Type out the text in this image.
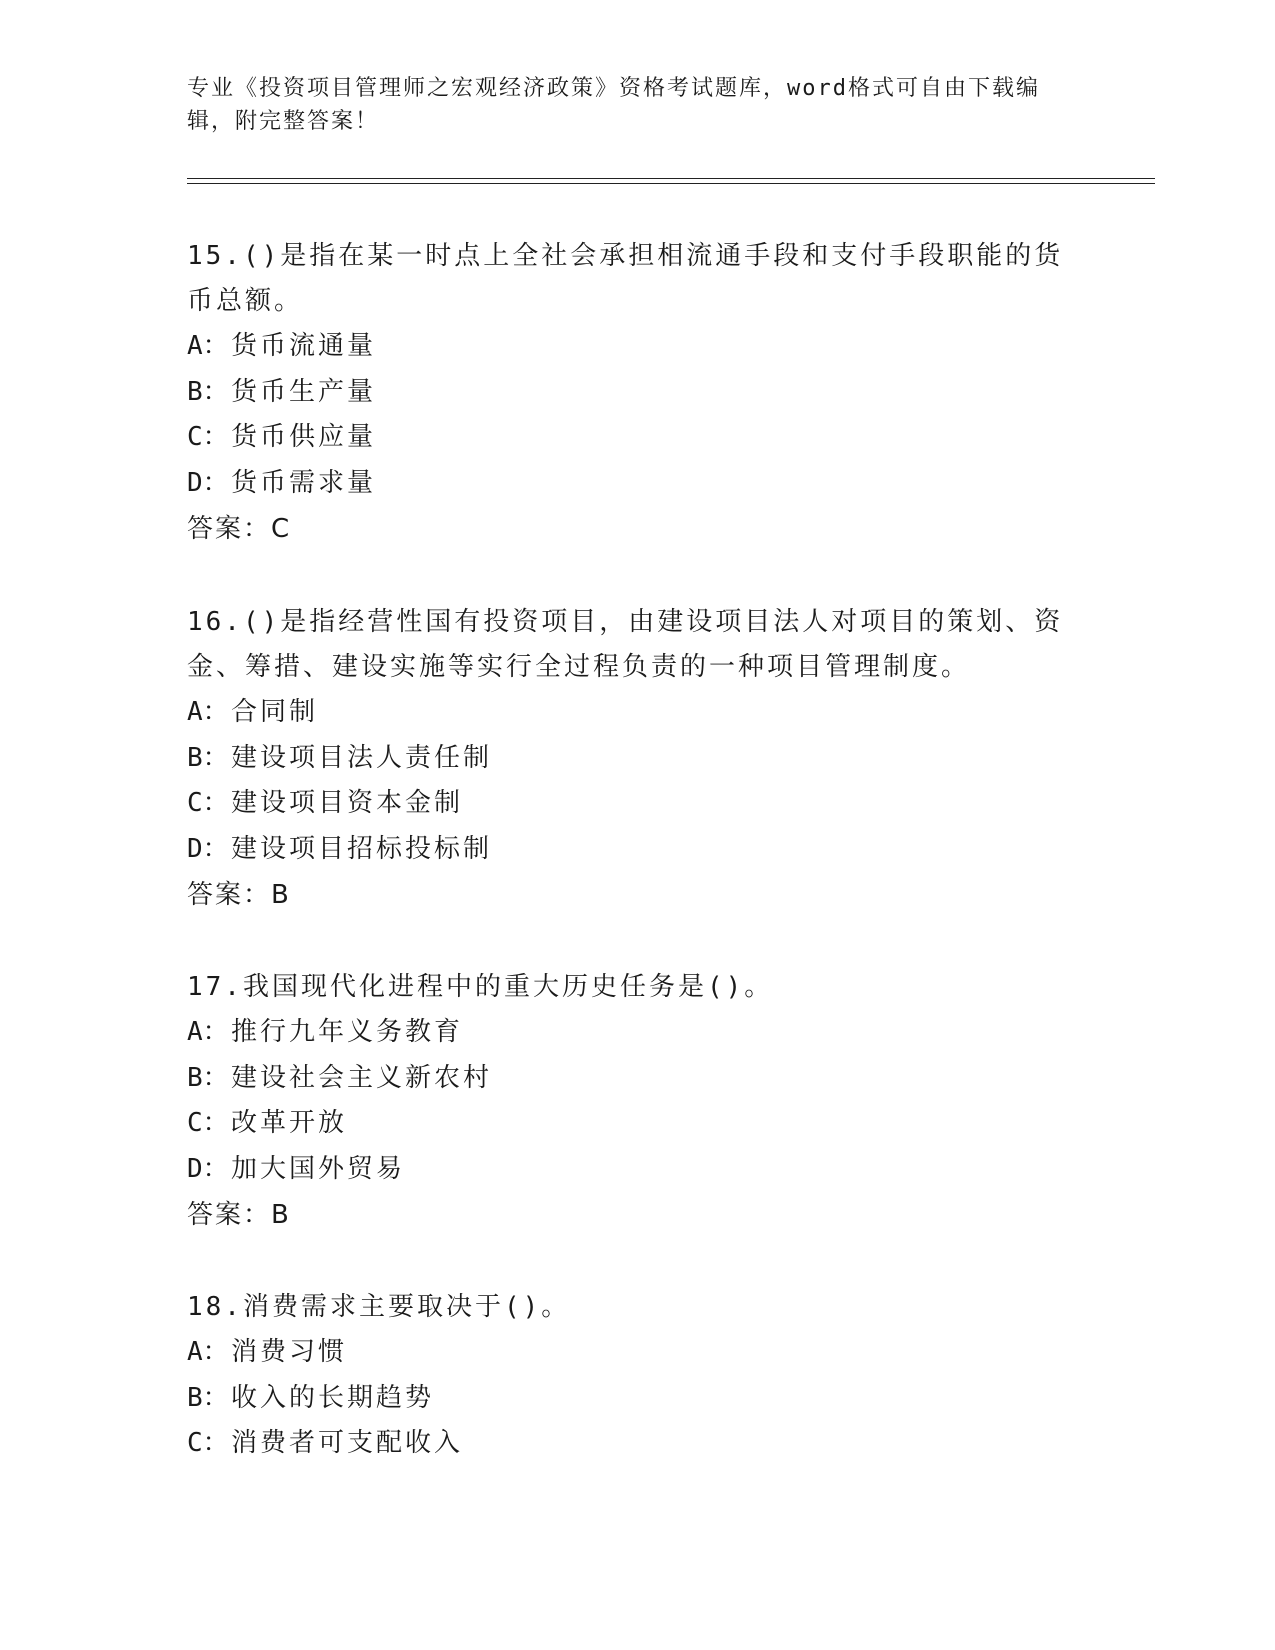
专业《投资项目管理师之宏观经济政策》资格考试题库，word格式可自由下载编辑，附完整答案！

15.()是指在某一时点上全社会承担相流通手段和支付手段职能的货币总额。

A：货币流通量

B：货币生产量

C：货币供应量

D：货币需求量

答案：C

16.()是指经营性国有投资项目，由建设项目法人对项目的策划、资金、筹措、建设实施等实行全过程负责的一种项目管理制度。

A：合同制

B：建设项目法人责任制

C：建设项目资本金制

D：建设项目招标投标制

答案：B

17.我国现代化进程中的重大历史任务是()。

A：推行九年义务教育

B：建设社会主义新农村

C：改革开放

D：加大国外贸易

答案：B

18.消费需求主要取决于()。

A：消费习惯

B：收入的长期趋势

C：消费者可支配收入
